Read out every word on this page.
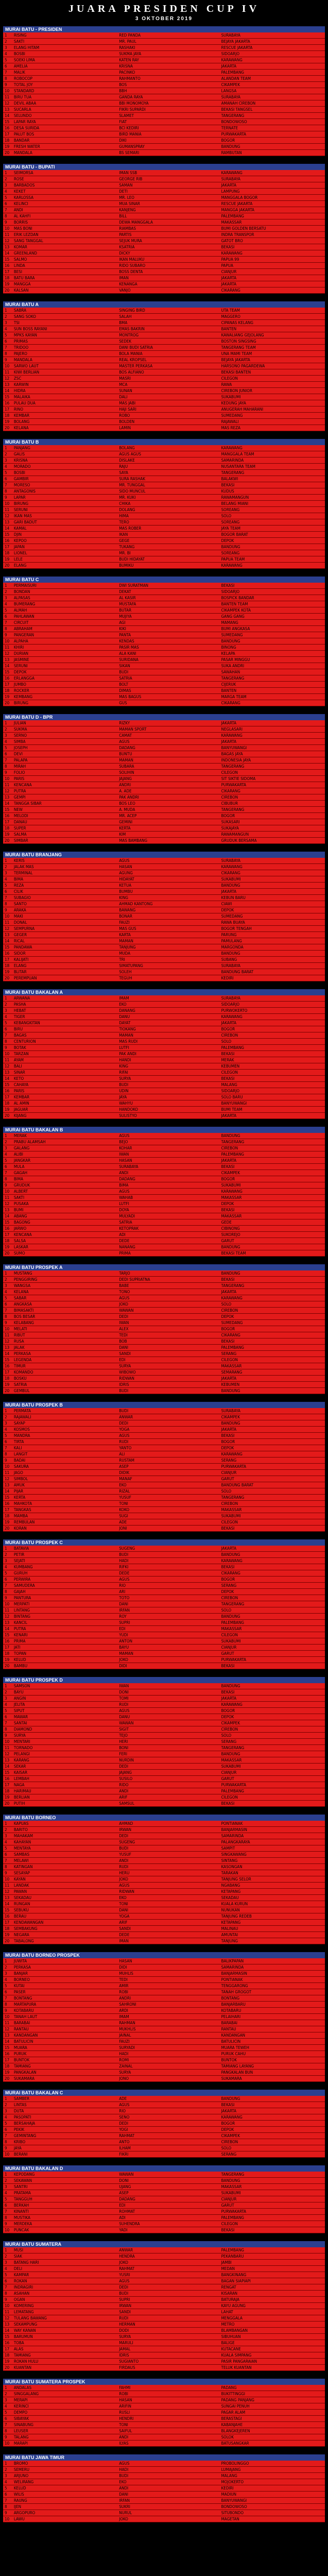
JUARA PRESIDEN CUP IV
3 OKTOBER 2019
MURAI BATU - PRESIDEN
1	RISING	RED PANDA	SURABAYA
2	SAKTI	MR. PAUL	BEJAYA JAKARTA
3	ELANG HITAM	RASHAKI	RESCUE JAKARTA
4	BOSBI	SUKMA JAYA	SIDOARJO
5	SOEKI LIMA	KATEN RAY	KARAWANG
6	AMELIA	KRISNA	JAKARTA
7	MALIK	PACINKO	PALEMBANG
8	ROBOCOP	RAHMANTO	ALANDAN TEAM
9	TOTAL JOY	BOS	CIKAMPEK
10	STANDARD	BBH	LANGSA
11	BIRU TUA	GANDA RAYA	SURABAYA
12	DEVIL ABAA	BBI MONOMOYA	AMANAH CIREBON
13	SUCARLA	FIKRI SUPARDI	BEKASI TANGSEL
14	SELUNDO	SLAMET	TANGERANG
15	LAPAR RAYA	FIAT	BONDOWOSO
16	DESA SURIDA	BCI KEDIRI	TERNATE
17	PALUT BOS	BIRD MANIA	PURWAKARTA
18	BANDAR	DIKI	BOGOR
19	FRESH WATER	GUMANSPRAY	BANDUNG
20	MANDALA	BS SEMARI	RAMBUTAN
MURAI BATU - BUPATI
1	SEIMORSA	IMAN SSB	KARAWANG
2	ROSE	GEORGE RIB	SURABAYA
3	BARBADOS	SAMAN	JAKARTA
4	KEKET	DETI	LAMPUNG
5	KARLOSSA	MR. LEO	MANGGALA BOGOR
6	KELINCI	MUA SINAR	RESCUE JAKARTA
7	ANDI	KANJENG	MANGGA JAKARTA
8	AL KAHFI	BILL	PALEMBANG
9	BORRIS	DEWA MANGGALA	MAKASSAR
10	MAS BONI	RIAMBAS	BUMI GOLDEN BERSATU
11	ERIK LEZDAN	PARTIS	INDRA TRANSPOR
12	SANG TANGGAL	SEJUK MURA	GATOT BRO
13	KOMAR	KSATRIA	BEKASI
14	GREENLAND	DICKY	KARAWANG
15	SALMO	IKAN MALUKU	PAPUA 99
16	LINDA	RIDO SUBARO	PAPUA
17	BESI	BOSS DENTA	CIANJUR
18	BATU BARA	IMAN	JAKARTA
19	MANGGA	KENANGA	JAKARTA
20	KALSAN	VANJO	CIKARANG
MURAI BATU A
1	SABRA	SINGING BIRD	UTA TEAM
2	SANG SOKO	SALAH	MAGGERO
3	TSI	BMA	CIPANAS KELANG
4	SUN BOSS RAYANI	EMAS BAKRIN	BANTEN
5	MPKS KAYAN	MONTROG	KAWALIANG GEJOLANG
6	PRIMAS	SEDEK	BOSTON SINGSING
7	TRIDOO	DANI BUDI SATRIA	TANGERANG TEAM
8	PAJERO	BOLA MANIA	UNA MAMI TEAM
9	MANDALA	REAL KROPSEL	BEJAYA JAKARTA
10	SARWO LAUT	MASTER PERKASA	HARSONO PAGARDEWA
11	KIWI BERLIAN	BOS ALFIANO	BEKASI BANTEN
12	ZSC	MASRI	CILEGON
13	KARWIN	MCA	RAWA
14	HIDRA	SUNAN	CIREBON JUNIOR
15	MALAIKA	DALI	SUKABUMI
16	PULAU DUA	MAS JABI	KEDUNG JAYA
17	RINO	HAJI SARI	ANUGERAH MAHARANI
18	KEMBAR	ROBO	SUMEDANG
19	BOLANG	BOLDEN	RAJAWALI
20	KELANA	LAMIN	MAS REZA
MURAI BATU B
1	PANJANG	BOLANG	KARAWANG
2	GALIS	AGUS AGUS	MANGGALA TEAM
3	KRISNA	DISLAKE	SAMARINDA
4	MORADO	RAJU	NUSANTARA TEAM
5	BOSBI	SAYA	TANGERANG
6	GAMBIR	SURA RASHAK	BALAKWI
7	MORESO	MR. TUNGGAL	BEKASI
8	ANTAGONIS	SIDO MUNCUL	KUDUS
9	LAPAR	MR. KUKI	RAWAMANGUN
10	BIRUNG	CHIKA	BELANG MIANI
11	SERUNI	DOLANG	SOREANG
12	IKAN MAS	HIMA	SOLO
13	GARI BADUT	TERO	SOREANG
14	KAMAL	MAS ROBER	JAYA TEAM
15	DJIN	IKAN	BOGOR BARAT
16	KEPOO	GEGE	DEPOK
17	JAPAN	TUKANG	BANDUNG
18	LIONEL	MR. BI	SOREANG
19	LELE	BUDI HIDAYAT	PAPUA TEAM
20	ELANG	BUMIKU	KARAWANG
MURAI BATU C
1	PERMAISURI	DWI SURATMAN	BEKASI
2	BONDAN	DEKAT	SIDOARJO
3	ALPASAS	AL KASIR	BOSPICK BANDAR
4	BUMERANG	MUSTAFA	BANTEN TEAM
5	ALMAH	BUTAR	CIKAMPEK KOTA
6	PAHLAWAN	MUJIYA	GANG GANG
7	CIRCUIT	AGI	MAMANG
8	ABRAHAM	KIKI	BUMI ANGKASA
9	PANGERAN	PANTA	SUMEDANG
10	ALPAHA	KENDAS	BANDUNG
11	KHIRI	PASIR MAS	BINONG
12	DURIAN	ALA KANI	KELAPA
13	JASMINE	SURIDANA	PASAR MINGGU
14	SERUNI	SIKAN	SUKA ANDRI
15	DEPOK	BUDI	SAWAHAN
16	ERLANGGA	SATRIA	TANGERANG
17	JUMBO	BOLT	CIJERUK
18	ROCKER	DIMAS	BANTEN
19	KEMBANG	MAS BAGUS	MARGA TEAM
20	BIRUNG	GUS	CIKARANG
MURAI BATU D - BPR
1	JULIAN	RIZKY	JAKARTA
2	SUKMA	MAMAN SPORT	NEGLASARI
3	SERNO	CAMAT	KARAWANG
4	SIMBA	AGUS	JAKARTA
5	JOSEPH	DADANG	BANYUWANGI
6	DEVI	BUNTU	BAGAS JAYA
7	PALAPA	MAMAN	INDONESIA JAYA
8	MIRAH	SUBARA	TANGERANG
9	FOLIO	SOLIHIN	CILEGON
10	PARIS	JAJANG	SIT SIKTIE SIDOMA
11	KENCANA	ANDRI	PURWAKARTA
12	PUTRA	A. ADE	CIKARANG
13	GEMPI	PAK ANDRI	CIREBON
14	TANGGA SIBAR	BOS LEO	CIBUBUR
15	NEW	A. MUDA	TANGERANG
16	MELODI	MR. ACEP	BOGOR
17	DANAU	GEMINI	SUKASARI
18	SUPER	KERTA	SUKAJAYA
19	SALMA	KIM	RAWAMANGUN
20	SIMBAR	MAS BAMBANG	GRUDUK BERSAMA
MURAI BATU BRANJANG
1	KERIS	AGUS	SURABAYA
2	JALAK MAS	HASAN	KARAWANG
3	TERMINAL	AGUNG	CIKARANG
4	BIMA	HIDAYAT	SUKABUMI
5	REZA	KETUA	BANDUNG
6	CILIK	BUMBU	JAKARTA
7	SUBAGIO	KING	KEBUN BARU
8	SANTO	AHMAD KANTONG	CIAWI
9	ARAKA	BAWANG	DEPOK
10	MAKI	BONAR	SUMEDANG
11	DONAL	FAUZI	RAWA BUAYA
12	SEMPURNA	MAS GUS	BOGOR TENGAH
13	GEGER	KARTA	PARUNG
14	RICAL	MAMAN	PAMULANG
15	PANDAWA	TANJUNG	MARGONDA
16	SIDOR	MUDA	BANDUNG
17	KALIJATI	TRI	SUBANG
18	ELANG	SIMATUPANG	SURABAYA
19	BLITAR	SOLEH	BANDUNG BARAT
20	PEREMPUAN	TEGUH	KEDIRI
MURAI BATU BAKALAN A
1	ARWANA	IMAM	SURABAYA
2	PASHA	EKO	SIDOARJO
3	HEBAT	DANANG	PURWOKERTO
4	TIGER	DANU	KARAWANG
5	KEBANGKITAN	DAYAT	JAKARTA
6	BIRU	TIOKANG	BOGOR
7	BAGAS	MAMAN	CIREBON
8	CENTURION	MAS RUDI	SOLO
9	BOTAK	LUTFI	PALEMBANG
10	TARZAN	PAK ANDI	BEKASI
11	AYAM	HANDI	MERAK
12	BALI	KING	KEBUMEN
13	SINAR	RIFAI	CILEGON
14	KETO	SURYA	BEKASI
15	CAHAYA	BUDI	MALANG
16	PARIS	UDIN	SIDOARJO
17	KEMBAR	JAYA	SOLO BARU
18	AL AMIN	WAHYU	BANYUWANGI
19	JAGUAR	HANDOKO	BUMI TEAM
20	KIJANG	SULISTYO	JAKARTA
MURAI BATU BAKALAN B
1	MERAK	AGUS	BANDUNG
2	PRABU ALAMSAH	BEJO	TANGERANG
3	GALANG	KOHAR	CIREBON
4	ALIBI	IWAN	PALEMBANG
5	JANGKAR	HASAN	JAKARTA
6	MULA	SURABAYA	BEKASI
7	GAGAH	ANDI	CIKAMPEK
8	BIMA	DADANG	BOGOR
9	GRUDUK	BIMA	SUKABUMI
10	ALBERT	AGUS	KARAWANG
11	SAKTI	WAHAB	MAKASSAR
12	PUSAKA	LUTFI	DEPOK
13	BUMI	DOYA	BEKASI
14	ABANG	MULYADI	MAKASSAR
15	BAGONG	SATRIA	GEDE
16	JARWO	KETOPRAK	CIBINONG
17	KENCANA	ADI	SUKOREJO
18	SALSA	DEDE	GARUT
19	LASKAR	NANANG	BANDUNG
20	SUMO	PRIMA	BEKASI TEAM
MURAI BATU PROSPEK A
1	MUSTANG	TARJO	BANDUNG
2	PENGGIRING	DEDI SUPRIATNA	BEKASI
3	WANGSA	BABE	TANGERANG
4	KELANA	TONO	JAKARTA
5	SABAR	AGUS	KARAWANG
6	ANGKASA	JOKO	SOLO
7	BIMASAKTI	WAWAN	CIREBON
8	BOS BESAR	DEDI	DEPOK
9	KELABANG	IWAN	SUMEDANG
10	MELATI	ALEX	BOGOR
11	RIBUT	TEDI	CIKARANG
12	RUSA	BOB	BEKASI
13	JALAK	DANI	PALEMBANG
14	PERKASA	SANDI	SERANG
15	LEGENDA	EDI	CILEGON
16	TIMUR	SURYA	MAKASSAR
17	KOMANDO	WIBOWO	SEMARANG
18	BOSKU	RIDWAN	JAKARTA
19	SATRIA	IDRIS	KEBUMEN
20	GEMBUL	BUDI	BANDUNG
MURAI BATU PROSPEK B
1	PERMATA	BUDI	SURABAYA
2	RAJAWALI	ANWAR	CIKAMPEK
3	SAYAP	DEDI	BANDUNG
4	KOSMOS	YOGA	JAKARTA
5	MANDRA	AGUS	BEKASI
6	TIRTA	RUDI	BOGOR
7	KALI	YANTO	DEPOK
8	LANGIT	ALI	KARAWANG
9	BADAI	RUSTAM	SERANG
10	SAKURA	ASEP	PURWAKARTA
11	JAGO	DIDIK	CIANJUR
12	SIMBOL	MANAF	GARUT
13	AMUK	EKO	BANDUNG BARAT
14	PIJAR	RIZAL	SOLO
15	KERTA	YUSUF	TANGERANG
16	MAHKOTA	TONI	CIREBON
17	TANGKAS	KOKO	MAKASSAR
18	MAMBA	SUGI	SUKABUMI
19	REMBULAN	ADE	CILEGON
20	KORAN	JONI	BEKASI
MURAI BATU PROSPEK C
1	BATAVIA	SUGENG	JAKARTA
2	PETIR	BUDI	BANDUNG
3	SEJATI	HADI	KARAWANG
4	KUMBANG	RIFKI	BEKASI
5	GURUH	DEDE	CIKARANG
6	PERWIRA	AGUS	BOGOR
7	SAMUDERA	RIO	SERANG
8	GAJAH	ARI	DEPOK
9	PANTURA	TOTO	CIREBON
10	MERPATI	DANI	TANGERANG
11	LINTANG	IRFAN	SOLO
12	BINTANG	ROY	BANDUNG
13	KANCIL	SUPRI	PALEMBANG
14	PUTRA	EDI	MAKASSAR
15	KENARI	YUDI	CILEGON
16	PRIMA	ANTON	SUKABUMI
17	JATI	BAYU	CIANJUR
18	TOPAN	MAMAN	GARUT
19	KELUD	JOKO	PURWAKARTA
20	BAMBU	DIDI	BEKASI
MURAI BATU PROSPEK D
1	SAMSON	IWAN	BANDUNG
2	BAYU	DONI	BEKASI
3	ANGIN	TOMI	JAKARTA
4	JELITA	RUDI	KARAWANG
5	SIPUT	AGUS	BOGOR
6	MAWAR	DANU	DEPOK
7	SANTAI	WAWAN	CIKAMPEK
8	DIAMOND	SIGIT	CIREBON
9	SURYA	TEJO	SOLO
10	MENTARI	HERI	SERANG
11	TORNADO	BONI	TANGERANG
12	PELANGI	FERI	BANDUNG
13	KARANG	NURDIN	MAKASSAR
14	SEKAR	DEDI	SUKABUMI
15	KAISAR	JAJANG	CIANJUR
16	LEMBAH	SUSILO	GARUT
17	NAGA	RIDO	PURWAKARTA
18	HARIMAU	ANDI	PALEMBANG
19	BERLIAN	ARIF	CILEGON
20	PUTIH	SAMSUL	BEKASI
MURAI BATU BORNEO
1	KAPUAS	AHMAD	PONTIANAK
2	BARITO	IRWAN	BANJARMASIN
3	MAHAKAM	DEDI	SAMARINDA
4	KAHAYAN	SUGENG	PALANGKARAYA
5	MENTAYA	BUDI	SAMPIT
6	SAMBAS	YUSUF	SINGKAWANG
7	MELAWI	ANDI	SINTANG
8	KATINGAN	RUDI	KASONGAN
9	SESAYAP	HERU	TARAKAN
10	KAYAN	JOKO	TANJUNG SELOR
11	LANDAK	AGUS	NGABANG
12	PAWAN	RIDWAN	KETAPANG
13	SEKADAU	EKO	SEKADAU
14	RUNGAN	TONI	KUALA KURUN
15	SEBUKU	DANI	NUNUKAN
16	BERAU	YOGA	TANJUNG REDEB
17	KENDAWANGAN	ARIF	KETAPANG
18	SEMBAKUNG	SANDI	MALINAU
19	NEGARA	DEDE	AMUNTAI
20	TABALONG	IMAN	TANJUNG
MURAI BATU BORNEO PROSPEK
1	JUWITA	HASAN	BALIKPAPAN
2	PERKASA	DIDI	SAMARINDA
3	BANJAR	MUHLIS	BANJARMASIN
4	BORNEO	TEDI	PONTIANAK
5	KUTAI	AMIR	TENGGARONG
6	PASER	ROBI	TANAH GROGOT
7	BONTANG	ANDRI	BONTANG
8	MARTAPURA	SAHRONI	BANJARBARU
9	KOTABARU	ARDI	KOTABARU
10	TANAH LAUT	IMAM	PELAIHARI
11	BARABAI	RAHMAN	BARABAI
12	RANTAU	MUKHLIS	RANTAU
13	KANDANGAN	JAINAL	KANDANGAN
14	BATULICIN	FAUZI	BATULICIN
15	MUARA	SURYADI	MUARA TEWEH
16	PURUK	HADI	PURUK CAHU
17	BUNTOK	ROMI	BUNTOK
18	TAMIANG	ZAINAL	TAMIANG LAYANG
19	PANGKALAN	SURYA	PANGKALAN BUN
20	SUKAMARA	JONO	SUKAMARA
MURAI BATU BAKALAN C
1	SAMBER	ADE	BANDUNG
2	LINTAS	AGUS	BEKASI
3	DUTA	RIO	JAKARTA
4	PASOPATI	SENO	KARAWANG
5	BERSAHAJA	DEDI	BOGOR
6	PEKIK	YOGI	DEPOK
7	GEMINTANG	RAHMAT	CIKAMPEK
8	KRIBO	ANTO	CIREBON
9	JAYA	ILHAM	SOLO
10	BERANI	FIKRI	SERANG
MURAI BATU BAKALAN D
1	KEPODANG	WAWAN	TANGERANG
2	SEKAWAN	DONI	BANDUNG
3	SANTRI	UJANG	MAKASSAR
4	PRATAMA	ASEP	SUKABUMI
5	TANGGUH	DADANG	CIANJUR
6	BERKAH	EDI	GARUT
7	KINANTI	ROHMAT	PURWAKARTA
8	MUSTIKA	ADI	PALEMBANG
9	MERDEKA	SUHENDRA	CILEGON
10	PUNCAK	YADI	BEKASI
MURAI BATU SUMATERA
1	MUSI	ANWAR	PALEMBANG
2	SIAK	HENDRA	PEKANBARU
3	BATANG HARI	JOKO	JAMBI
4	DELI	RAHMAT	MEDAN
5	KAMPAR	YUSRI	BANGKINANG
6	ROKAN	AGUS	BAGAN SIAPIAPI
7	INDRAGIRI	DEDI	RENGAT
8	ASAHAN	BUDI	KISARAN
9	OGAN	SUPRI	BATURAJA
10	KOMERING	IRWAN	KAYU AGUNG
11	LEMATANG	SANDI	LAHAT
12	TULANG BAWANG	RUDI	MENGGALA
13	SEKAMPUNG	HERMAN	METRO
14	WAY KANAN	DODI	BLAMBANGAN
15	BARUMUN	SURYA	SIBUHUAN
16	TOBA	MARULI	BALIGE
17	ALAS	JAMAL	KUTACANE
18	TAMIANG	IDRIS	KUALA SIMPANG
19	ROKAN HULU	SUGIANTO	PASIR PANGARAIAN
20	KUANTAN	FIRDAUS	TELUK KUANTAN
MURAI BATU SUMATERA PROSPEK
1	ANDALAS	FAHMI	PADANG
2	SINGGALANG	ROBI	BUKITTINGGI
3	MERAPI	HASAN	PADANG PANJANG
4	KERINCI	ARIFIN	SUNGAI PENUH
5	DEMPO	RUSLI	PAGAR ALAM
6	SIBAYAK	HENDRI	BERASTAGI
7	SINABUNG	TONI	KABANJAHE
8	LEUSER	SAIFUL	BLANGKEJEREN
9	TALANG	ANDI	SOLOK
10	MARAPI	ILYAS	BATUSANGKAR
MURAI BATU JAWA TIMUR
1	BROMO	AGUS	PROBOLINGGO
2	SEMERU	HADI	LUMAJANG
3	ARJUNO	BUDI	MALANG
4	WELIRANG	EKO	MOJOKERTO
5	KELUD	ANDI	KEDIRI
6	WILIS	DANI	MADIUN
7	RAUNG	IRFAN	BANYUWANGI
8	IJEN	SUKRI	BONDOWOSO
9	ARGOPURO	NURUL	SITUBONDO
10	LAWU	JOKO	MAGETAN
